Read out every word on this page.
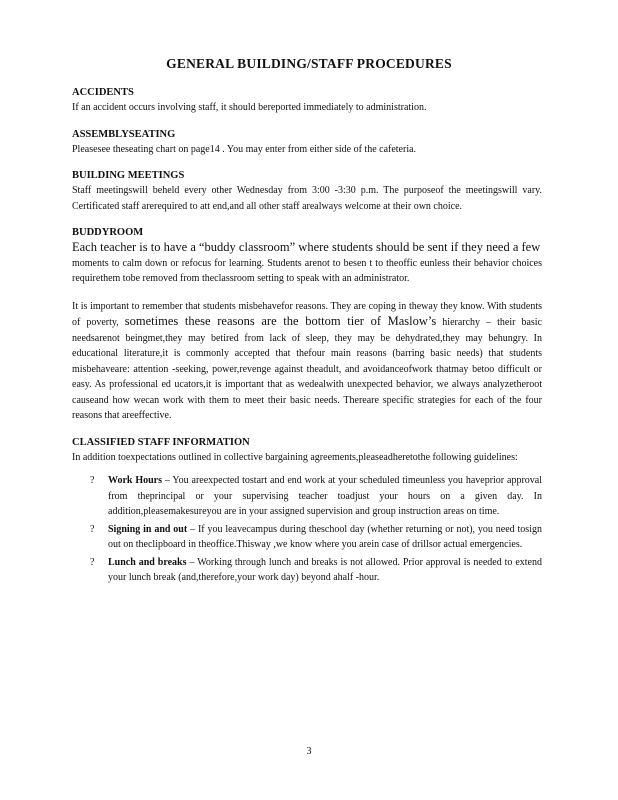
GENERAL BUILDING/STAFF PROCEDURES

ACCIDENTS

If an accident occurs involving staff, it should bereported immediately to administration.

ASSEMBLYSEATING

Pleasesee theseating chart on page14 . You may enter from either side of the cafeteria.

BUILDING MEETINGS

Staff meetingswill beheld every other Wednesday from 3:00 -3:30 p.m. The purposeof the meetingswill vary. Certificated staff arerequired to att end,and all other staff arealways welcome at their own choice.

BUDDYROOM

Each teacher is to have a “buddy classroom” where students should be sent if they need a few

moments to calm down or refocus for learning. Students arenot to besen t to theoffic eunless their behavior choices requirethem tobe removed from theclassroom setting to speak with an administrator.

It is important to remember that students misbehavefor reasons. They are coping in theway they know. With students of poverty, sometimes these reasons are the bottom tier of Maslow’s hierarchy – their basic needsarenot beingmet,they may betired from lack of sleep, they may be dehydrated,they may behungry. In educational literature,it is commonly accepted that thefour main reasons (barring basic needs) that students misbehaveare: attention -seeking, power,revenge against theadult, and avoidanceofwork thatmay betoo difficult or easy. As professional ed ucators,it is important that as wedealwith unexpected behavior, we always analyzetheroot causeand how wecan work with them to meet their basic needs. Thereare specific strategies for each of the four reasons that areeffective.

CLASSIFIED STAFF INFORMATION

In addition toexpectations outlined in collective bargaining agreements,pleaseadheretothe following guidelines:

? Work Hours – You areexpected tostart and end work at your scheduled timeunless you haveprior approval from theprincipal or your supervising teacher toadjust your hours on a given day. In addition,pleasemakesureyou are in your assigned supervision and group instruction areas on time.
? Signing in and out – If you leavecampus during theschool day (whether returning or not), you need tosign out on theclipboard in theoffice.Thisway ,we know where you arein case of drillsor actual emergencies.
? Lunch and breaks – Working through lunch and breaks is not allowed. Prior approval is needed to extend your lunch break (and,therefore,your work day) beyond ahalf -hour.
3
